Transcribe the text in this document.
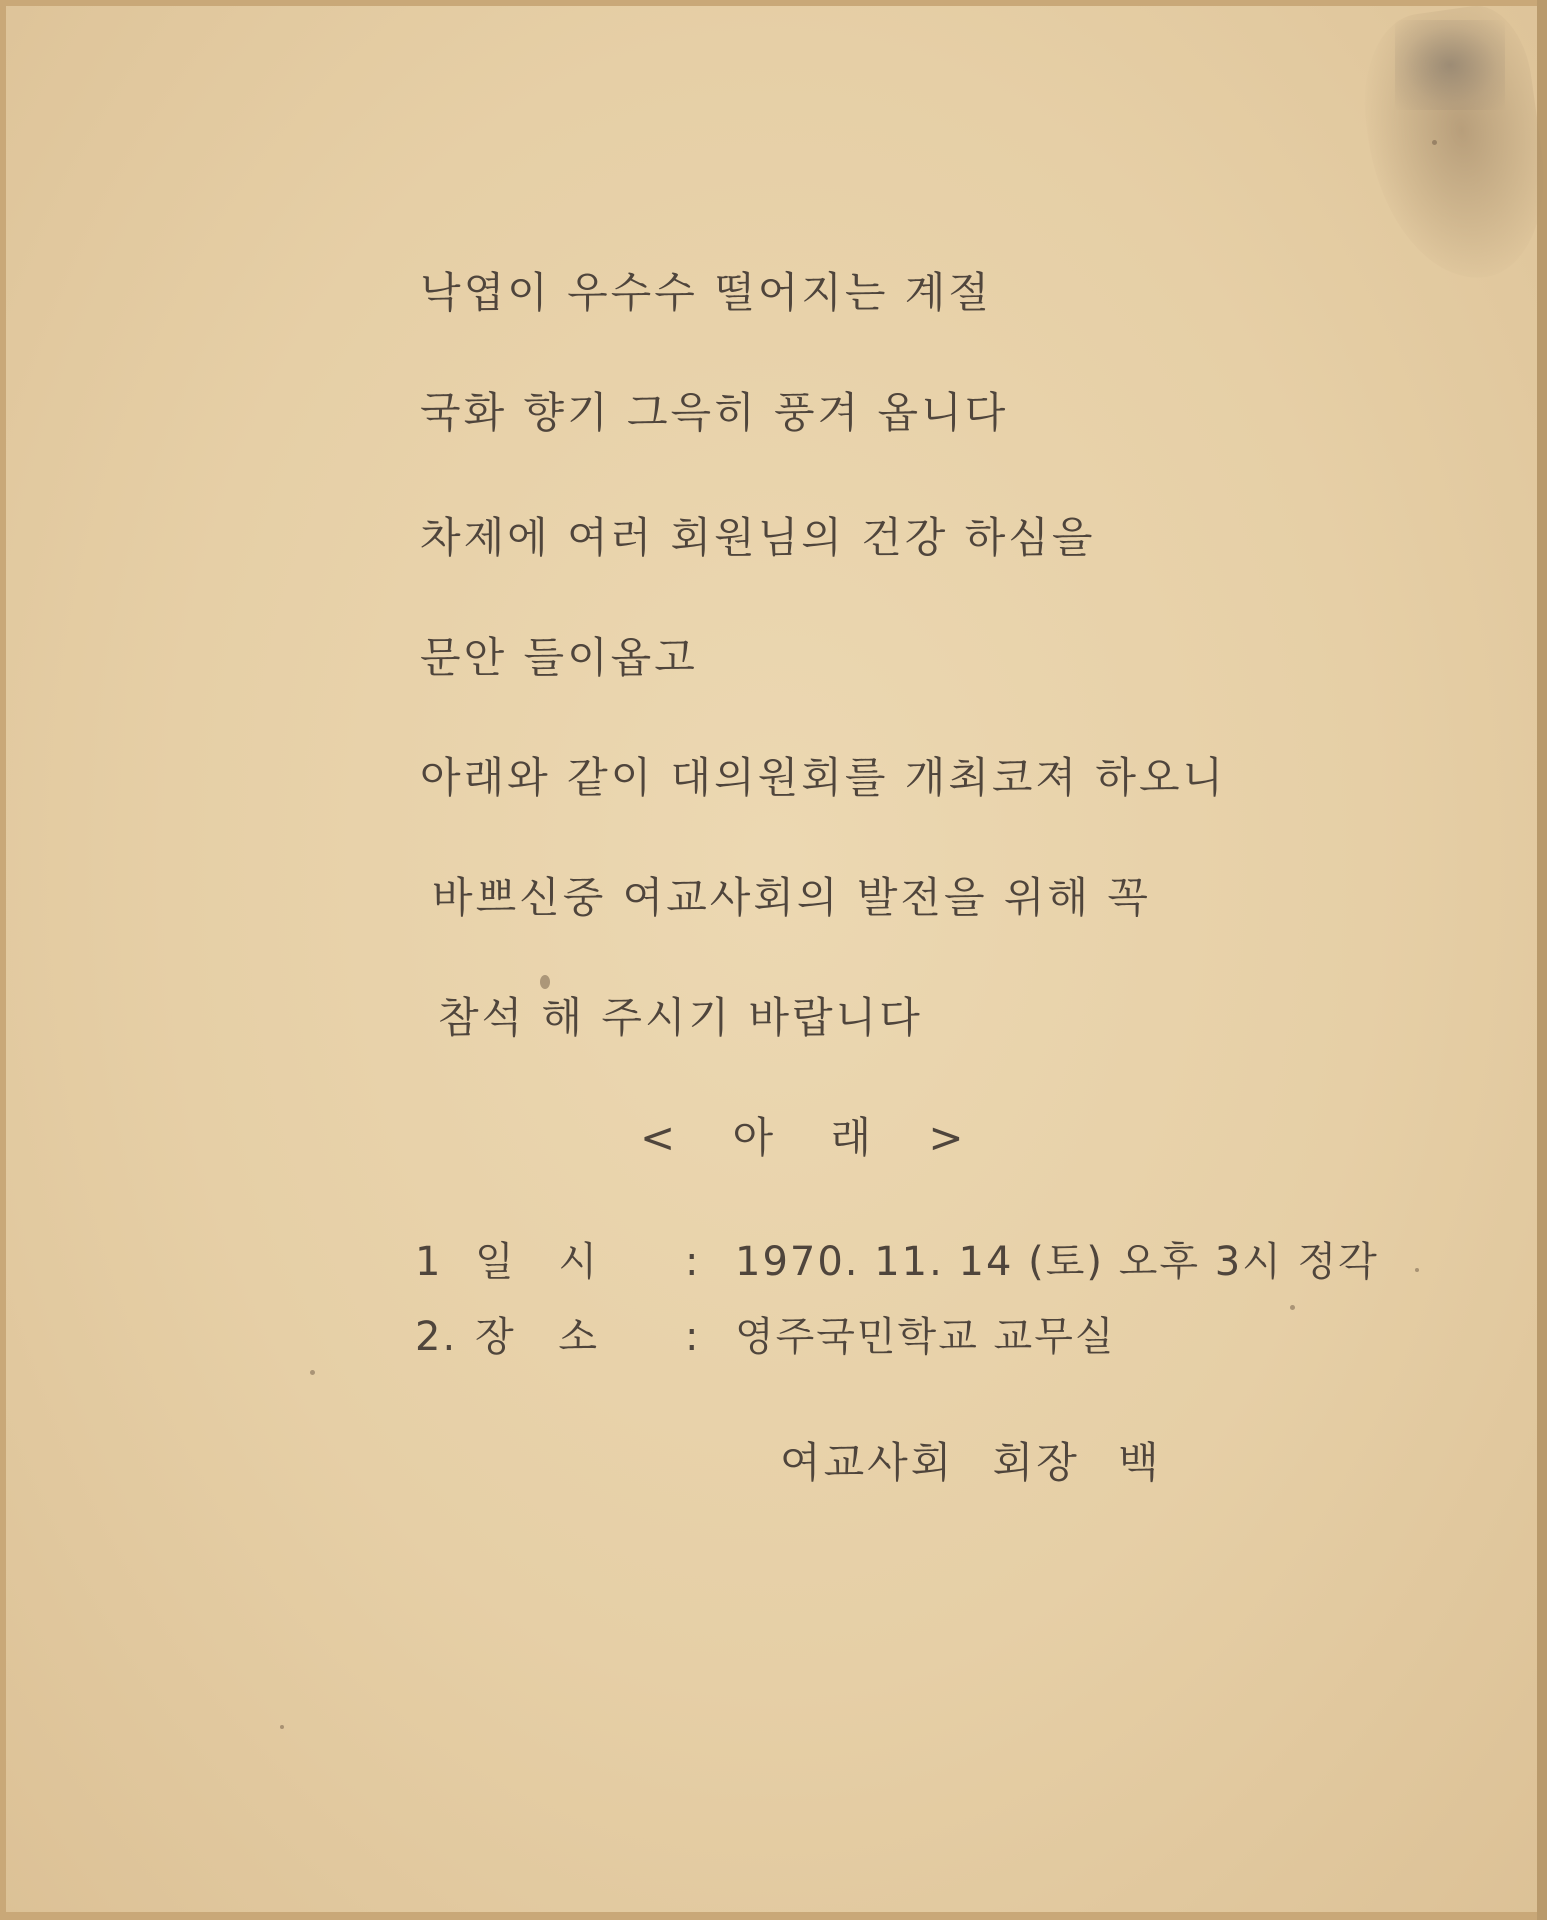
낙엽이 우수수 떨어지는 계절
국화 향기 그윽히 풍겨 옵니다
차제에 여러 회원님의 건강 하심을
문안 들이옵고
아래와 같이 대의원회를 개최코져 하오니
바쁘신중 여교사회의 발전을 위해 꼭
참석 해 주시기 바랍니다
< 아 래 >
1 일 시 : 1970. 11. 14 (토) 오후 3시 정각
2. 장 소 : 영주국민학교 교무실
여교사회 회장 백
